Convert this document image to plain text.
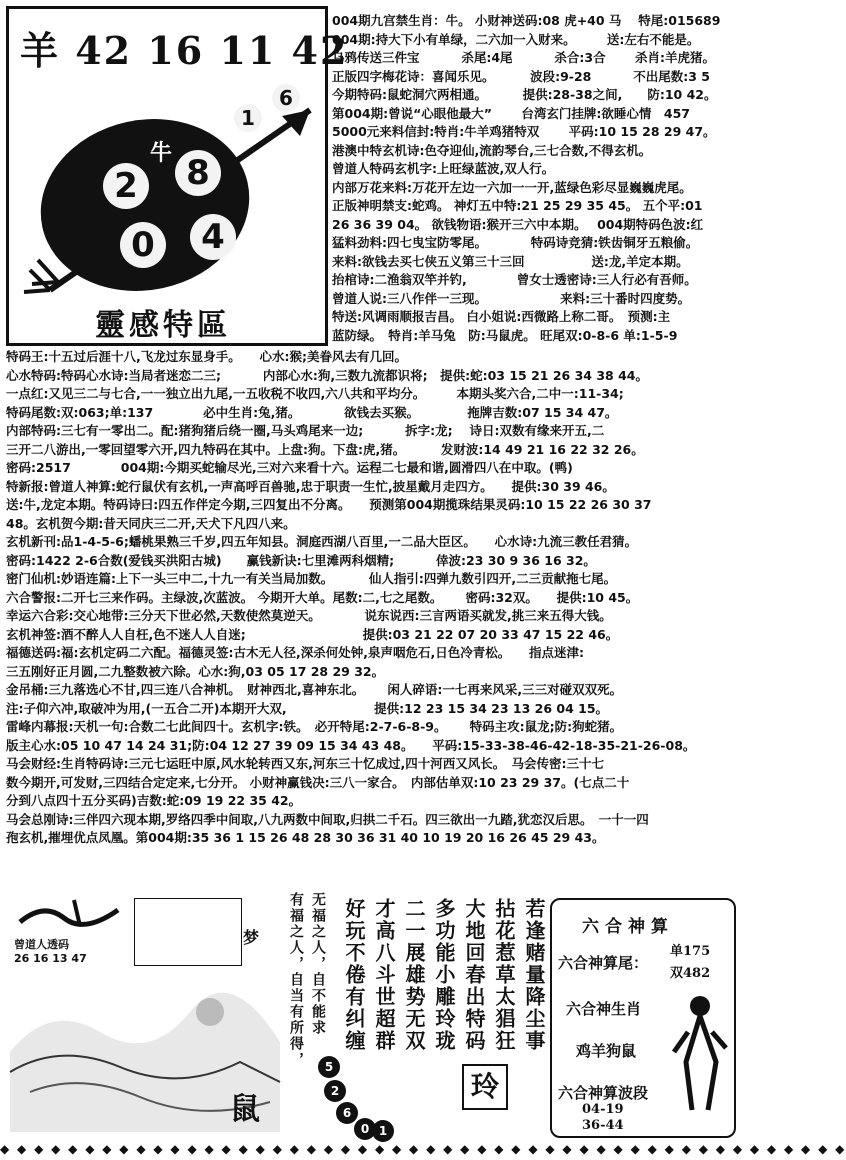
羊 42 16 11 42
牛
2	8
0	4
1
6
靈感特區
004期九宫禁生肖：牛。 小财神送码:08 虎+40 马　 特尾:015689
004期:持大下小有单绿，二六加一入财来。　　　送:左右不能是。
乌鸦传送三件宝　　　 杀尾:4尾　　　 杀合:3合　　 杀肖:羊虎猪。
正版四字梅花诗：喜闻乐见。　　　 波段:9-28　　　 不出尾数:3 5
今期特码:鼠蛇洞穴两相通。　　　 提供:28-38之间,　　防:10 42。
第004期:曾说“心眼他最大”　　 台湾玄门挂牌:欲睡心情　457
5000元来料信封:特肖:牛羊鸡猪特双　　 平码:10 15 28 29 47。
港澳中特玄机诗:色夺迎仙,流韵琴台,三七合数,不得玄机。
曾道人特码玄机字:上旺绿蓝波,双人行。
内部万花来料:万花开左边一六加一一开,蓝绿色彩尽显巍巍虎尾。
正版神明禁支:蛇鸡。 神灯五中特:21 25 29 35 45。 五个平:01
26 36 39 04。 欲钱物语:猴开三六中本期。　 004期特码色波:红
猛料劲料:四七曳宝防零尾。　　　　特码诗竞猜:铁齿铜牙五粮偷。
来料:欲钱去买七侠五义第三十三回　　　　　 送:龙,羊定本期。
抬棺诗:二渔翁双竿并钓,　　　　曾女士透密诗:三人行必有吾师。
曾道人说:三八作伴一三现。　　　　　　 来料:三十番时四度势。
特送:风调雨顺报吉昌。 白小姐说:西微路上称二哥。　预测:主
蓝防绿。　特肖:羊马兔　防:马鼠虎。 旺尾双:0-8-6 单:1-5-9
特码王:十五过后涯十八,飞龙过东显身手。　　心水:猴;美眷风去有几回。
心水特码:特码心水诗:当局者迷恋二三;　　　 内部心水:狗,三数九流都识将;　提供:蛇:03 15 21 26 34 38 44。
一点红:又见三二与七合,一一独立出九尾,一五收税不收四,六八共和平均分。　　　本期头奖六合,二中一:11-34;
特码尾数:双:063;单:137　　　　必中生肖:兔,猪。　　　　欲钱去买猴。　　　　 拖牌吉数:07 15 34 47。
内部特码:三七有一零出二。配:猪狗猪后绕一圈,马头鸡尾来一边;　　　 拆字:龙;　 诗日:双数有缘来开五,二
三开二八游出,一零回望零六开,四九特码在其中。上盘:狗。下盘:虎,猪。　　　 发财波:14 49 21 16 22 32 26。
密码:2517　　　　004期:今期买蛇输尽光,三对六来看十六。运程二七最和谐,圆滑四八在中取。(鸭)
特新报:曾道人神算:蛇行鼠伏有玄机,一声高呼百兽驰,忠于职责一生忙,披星戴月走四方。　　提供:30 39 46。
送:牛,龙定本期。特码诗曰:四五作伴定今期,三四复出不分离。　　预测第004期揽珠结果灵码:10 15 22 26 30 37
48。玄机贺今期:昔天同庆三二开,天犬下凡四八来。
玄机新刊:品1-4-5-6;蟠桃果熟三千岁,四五年知县。洞庭西湖八百里,一二品大臣区。　　心水诗:九流三教任君猜。
密码:1422 2-6合数(爱钱买洪阳古城)　　赢钱新诀:七里滩两科烟精;　　　 倖波:23 30 9 36 16 32。
密门仙机:妙语连篇:上下一头三中二,十九一有关当局加数。　　　 仙人指引:四弹九数引四开,二三贡献拖七尾。
六合警报:二开七三来作码。主绿波,次蓝波。 今期开大单。尾数:二,七之尾数。　　 密码:32双。　　提供:10 45。
幸运六合彩:交心地带:三分天下世必然,天数使然莫逆天。　　　　说东说西:三言两语买就发,挑三来五得大钱。
玄机神签:酒不醉人人自枉,色不迷人人自迷;　　　　　　　　　 提供:03 21 22 07 20 33 47 15 22 46。
福德送码:福:玄机定码二六配。福德灵签:古木无人径,深杀何处钟,泉声咽危石,日色冷青松。　　指点迷津:
三五刚好正月圆,二九整数被六除。心水:狗,03 05 17 28 29 32。
金吊桶:三九落选心不甘,四三连八合神机。　财神西北,喜神东北。　　 闲人碎语:一七再来风采,三三对碰双双死。
注:子仰六冲,取破冲为用,(一五合二开)本期开大双,　　　　　　　提供:12 23 15 34 23 13 26 04 15。
雷峰内幕报:天机一句:合数二七此间四十。玄机字:铁。　必开特尾:2-7-6-8-9。　　 特码主攻:鼠龙;防:狗蛇猪。
版主心水:05 10 47 14 24 31;防:04 12 27 39 09 15 34 43 48。　　平码:15-33-38-46-42-18-35-21-26-08。
马会财经:生肖特码诗:三元七运旺中原,风水轮转西又东,河东三十忆成过,四十河西又风长。　马会传密:三十七
数今期开,可发财,三四结合定定来,七分开。 小财神赢钱决:三八一家合。　内部估单双:10 23 29 37。(七点二十
分到八点四十五分买码)吉数:蛇:09 19 22 35 42。
马会总刚诗:三伴四六现本期,罗络四季中间取,八九两数中间取,归拱二千石。四三欲出一九踏,犹恋汉后思。　一十一四
孢玄机,摧埋优点凤凰。第004期:35 36 1 15 26 48 28 30 36 31 40 10 19 20 16 26 45 29 43。
曾道人透码
26 16 13 47
梦
鼠
有福之人，自当有所得， 无福之人，自不能求 好玩不倦有纠缠 才高八斗世超群 二一展雄势无双 多功能小雕玲珑 大地回春出特码 拈花惹草太猖狂 若逢赌量降尘事
5
2
6
0 1
玲
六合神算
六合神算尾：
单175
双482
六合神生肖
鸡羊狗鼠
六合神算波段
04-19
36-44
◆ ◆ ◆ ◆ ◆ ◆ ◆ ◆ ◆ ◆ ◆ ◆ ◆ ◆ ◆ ◆ ◆ ◆ ◆ ◆ ◆ ◆ ◆ ◆ ◆ ◆ ◆ ◆ ◆ ◆ ◆ ◆ ◆ ◆ ◆ ◆ ◆ ◆ ◆ ◆ ◆ ◆ ◆ ◆ ◆ ◆ ◆ ◆ ◆ ◆
